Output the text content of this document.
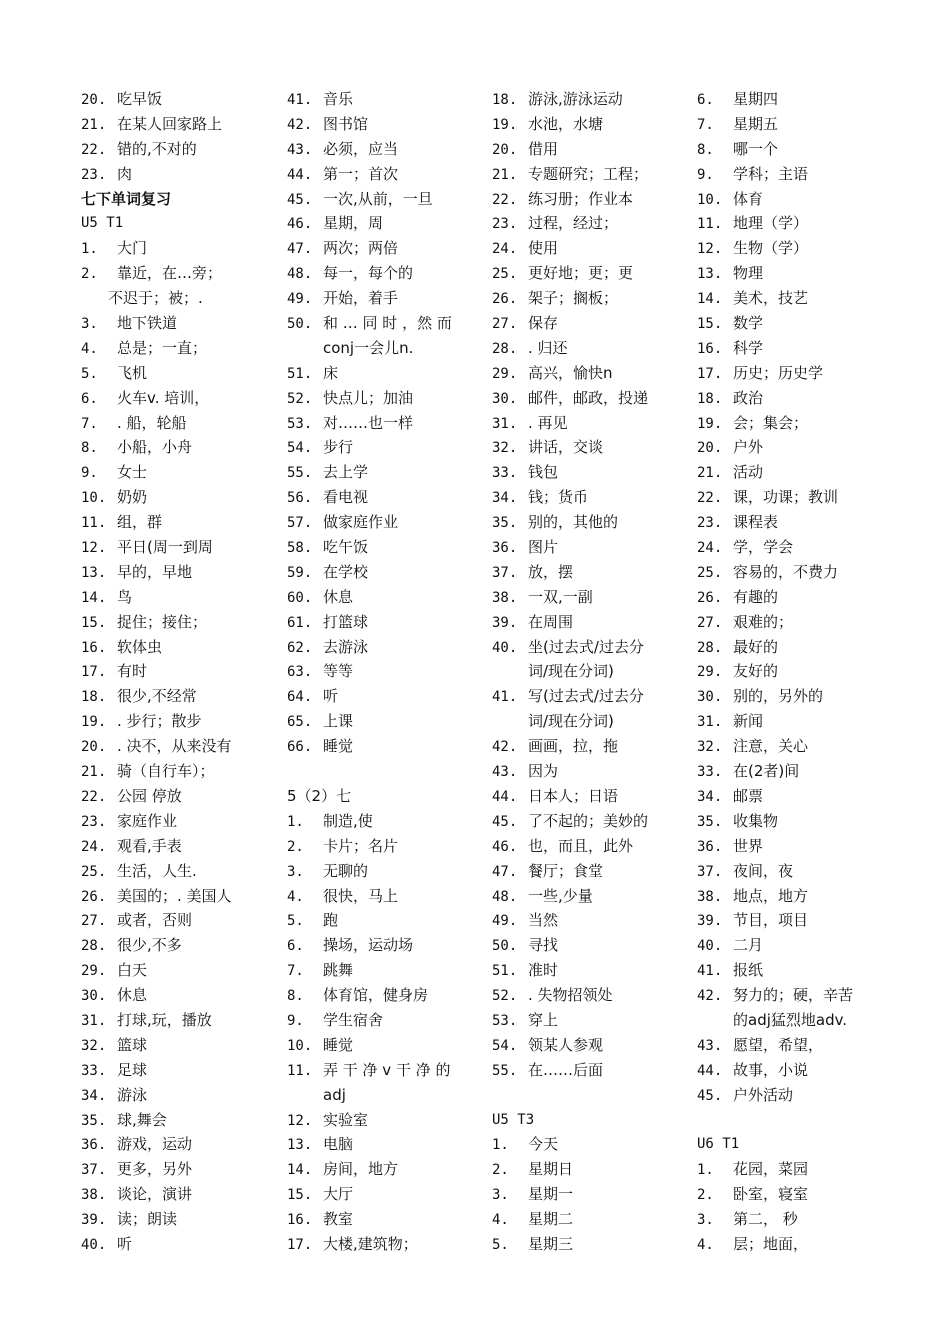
20. 吃早饭
21. 在某人回家路上
22. 错的,不对的
23. 肉
七下单词复习
U5 T1
1. 大门
2. 靠近，在…旁；
不迟于；被；.
3. 地下铁道
4. 总是；一直；
5. 飞机
6. 火车v. 培训，
7. . 船，轮船
8. 小船，小舟
9. 女士
10. 奶奶
11. 组，群
12. 平日(周一到周
13. 早的，早地
14. 鸟
15. 捉住；接住；
16. 软体虫
17. 有时
18. 很少,不经常
19. . 步行；散步
20. . 决不，从来没有
21. 骑（自行车）；
22. 公园 停放
23. 家庭作业
24. 观看,手表
25. 生活，人生.
26. 美国的；. 美国人
27. 或者，否则
28. 很少,不多
29. 白天
30. 休息
31. 打球,玩，播放
32. 篮球
33. 足球
34. 游泳
35. 球,舞会
36. 游戏，运动
37. 更多，另外
38. 谈论，演讲
39. 读；朗读
40. 听
41. 音乐
42. 图书馆
43. 必须，应当
44. 第一；首次
45. 一次,从前，一旦
46. 星期，周
47. 两次；两倍
48. 每一，每个的
49. 开始，着手
50. 和 … 同 时 ，然 而
conj一会儿n.
51. 床
52. 快点儿；加油
53. 对……也一样
54. 步行
55. 去上学
56. 看电视
57. 做家庭作业
58. 吃午饭
59. 在学校
60. 休息
61. 打篮球
62. 去游泳
63. 等等
64. 听
65. 上课
66. 睡觉
5（2）七
1. 制造,使
2. 卡片；名片
3. 无聊的
4. 很快，马上
5. 跑
6. 操场，运动场
7. 跳舞
8. 体育馆，健身房
9. 学生宿舍
10. 睡觉
11. 弄 干 净 v 干 净 的
adj
12. 实验室
13. 电脑
14. 房间，地方
15. 大厅
16. 教室
17. 大楼,建筑物；
18. 游泳,游泳运动
19. 水池，水塘
20. 借用
21. 专题研究；工程；
22. 练习册；作业本
23. 过程，经过；
24. 使用
25. 更好地；更；更
26. 架子；搁板；
27. 保存
28. . 归还
29. 高兴，愉快n
30. 邮件，邮政，投递
31. . 再见
32. 讲话，交谈
33. 钱包
34. 钱；货币
35. 别的，其他的
36. 图片
37. 放，摆
38. 一双,一副
39. 在周围
40. 坐(过去式/过去分
词/现在分词)
41. 写(过去式/过去分
词/现在分词)
42. 画画，拉，拖
43. 因为
44. 日本人；日语
45. 了不起的；美妙的
46. 也，而且，此外
47. 餐厅；食堂
48. 一些,少量
49. 当然
50. 寻找
51. 准时
52. . 失物招领处
53. 穿上
54. 领某人参观
55. 在……后面
U5 T3
1. 今天
2. 星期日
3. 星期一
4. 星期二
5. 星期三
6. 星期四
7. 星期五
8. 哪一个
9. 学科；主语
10. 体育
11. 地理（学）
12. 生物（学）
13. 物理
14. 美术，技艺
15. 数学
16. 科学
17. 历史；历史学
18. 政治
19. 会；集会；
20. 户外
21. 活动
22. 课，功课；教训
23. 课程表
24. 学，学会
25. 容易的，不费力
26. 有趣的
27. 艰难的；
28. 最好的
29. 友好的
30. 别的，另外的
31. 新闻
32. 注意，关心
33. 在(2者)间
34. 邮票
35. 收集物
36. 世界
37. 夜间，夜
38. 地点，地方
39. 节目，项目
40. 二月
41. 报纸
42. 努力的；硬，辛苦
的adj猛烈地adv.
43. 愿望，希望，
44. 故事，小说
45. 户外活动
U6 T1
1. 花园，菜园
2. 卧室，寝室
3. 第二， 秒
4. 层；地面，
